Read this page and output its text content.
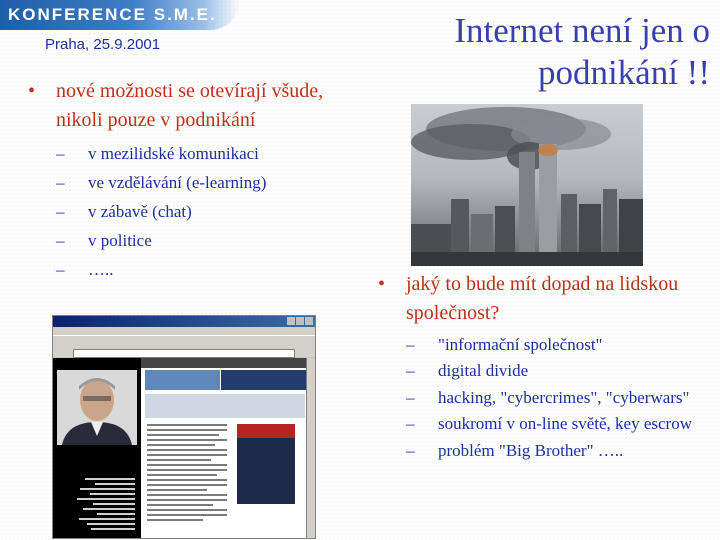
KONFERENCE S.M.E.
Praha, 25.9.2001	Internet není jen o podnikání !!
• nové možnosti se otevírají všude, nikoli pouze v podnikání
– v mezilidské komunikaci
– ve vzdělávání (e-learning)
– v zábavě (chat)
– v politice
– …..
• jaký to bude mít dopad na lidskou společnost?
– "informační společnost"
– digital divide
– hacking, "cybercrimes", "cyberwars"
– soukromí v on-line světě, key escrow
– problém "Big Brother" …..
